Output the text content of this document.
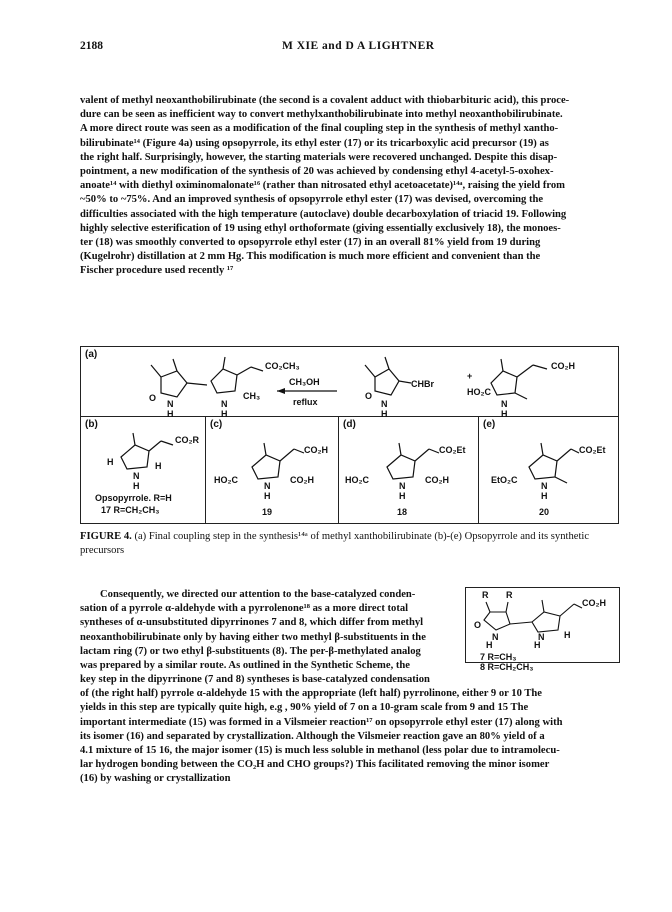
2188	M XIE and D A LIGHTNER
valent of methyl neoxanthobilirubinate (the second is a covalent adduct with thiobarbituric acid), this proce-
dure can be seen as inefficient way to convert methylxanthobilirubinate into methyl neoxanthobilirubinate.
A more direct route was seen as a modification of the final coupling step in the synthesis of methyl xantho-
bilirubinate¹⁴ (Figure 4a) using opsopyrrole, its ethyl ester (17) or its tricarboxylic acid precursor (19) as
the right half. Surprisingly, however, the starting materials were recovered unchanged. Despite this disap-
pointment, a new modification of the synthesis of 20 was achieved by condensing ethyl 4-acetyl-5-oxohex-
anoate¹⁴ with diethyl oximinomalonate¹⁶ (rather than nitrosated ethyl acetoacetate)¹⁴ᵃ, raising the yield from
~50% to ~75%. And an improved synthesis of opsopyrrole ethyl ester (17) was devised, overcoming the
difficulties associated with the high temperature (autoclave) double decarboxylation of triacid 19. Following
highly selective esterification of 19 using ethyl orthoformate (giving essentially exclusively 18), the monoes-
ter (18) was smoothly converted to opsopyrrole ethyl ester (17) in an overall 81% yield from 19 during
(Kugelrohr) distillation at 2 mm Hg. This modification is much more efficient and convenient than the
Fischer procedure used recently ¹⁷
(a)
O
N
H
CO₂CH₃
N
H
CH₃
CH₃OH
reflux
O
N
H
CHBr
+
CO₂H
HO₂C
N
H
(b)
CO₂R
H	H
N
H
Opsopyrrole. R=H
17 R=CH₂CH₃
(c)
CO₂H
HO₂C	CO₂H
N
H
19
(d)
CO₂Et
HO₂C	CO₂H
N
H
18
(e)
CO₂Et
EtO₂C
N
H
20
FIGURE 4. (a) Final coupling step in the synthesis¹⁴ᵃ of methyl xanthobilirubinate (b)-(e) Opsopyrrole and its synthetic precursors
Consequently, we directed our attention to the base-catalyzed conden-
sation of a pyrrole α-aldehyde with a pyrrolenone¹⁸ as a more direct total
syntheses of α-unsubstituted dipyrrinones 7 and 8, which differ from methyl
neoxanthobilirubinate only by having either two methyl β-substituents in the
lactam ring (7) or two ethyl β-substituents (8). The per-β-methylated analog
was prepared by a similar route. As outlined in the Synthetic Scheme, the
R R
O
CO₂H
N	N H
H	H
7 R=CH₃
8 R=CH₂CH₃
key step in the dipyrrinone (7 and 8) syntheses is base-catalyzed condensation
of (the right half) pyrrole α-aldehyde 15 with the appropriate (left half) pyrrolinone, either 9 or 10 The
yields in this step are typically quite high, e.g , 90% yield of 7 on a 10-gram scale from 9 and 15 The
important intermediate (15) was formed in a Vilsmeier reaction¹⁷ on opsopyrrole ethyl ester (17) along with
its isomer (16) and separated by crystallization. Although the Vilsmeier reaction gave an 80% yield of a
4.1 mixture of 15 16, the major isomer (15) is much less soluble in methanol (less polar due to intramolecu-
lar hydrogen bonding between the CO₂H and CHO groups?) This facilitated removing the minor isomer
(16) by washing or crystallization
